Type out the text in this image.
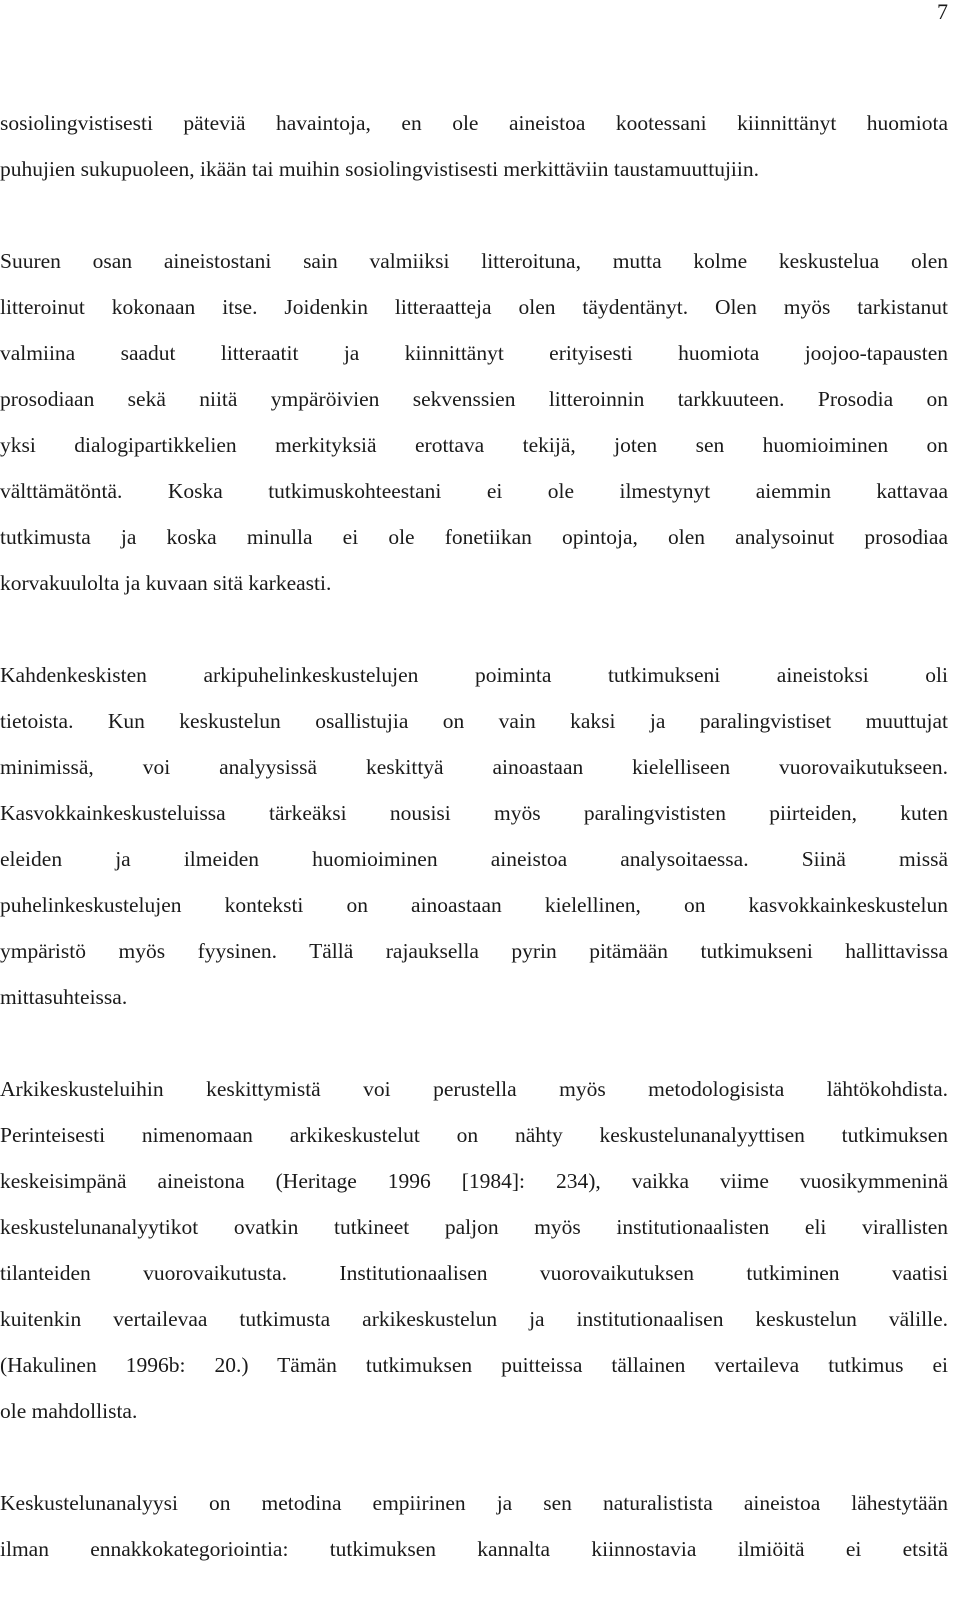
7

sosiolingvistisesti päteviä havaintoja, en ole aineistoa kootessani kiinnittänyt huomiota
puhujien sukupuoleen, ikään tai muihin sosiolingvistisesti merkittäviin taustamuuttujiin.

Suuren osan aineistostani sain valmiiksi litteroituna, mutta kolme keskustelua olen
litteroinut kokonaan itse. Joidenkin litteraatteja olen täydentänyt. Olen myös tarkistanut
valmiina saadut litteraatit ja kiinnittänyt erityisesti huomiota joojoo-tapausten
prosodiaan sekä niitä ympäröivien sekvenssien litteroinnin tarkkuuteen. Prosodia on
yksi dialogipartikkelien merkityksiä erottava tekijä, joten sen huomioiminen on
välttämätöntä. Koska tutkimuskohteestani ei ole ilmestynyt aiemmin kattavaa
tutkimusta ja koska minulla ei ole fonetiikan opintoja, olen analysoinut prosodiaa
korvakuulolta ja kuvaan sitä karkeasti.

Kahdenkeskisten arkipuhelinkeskustelujen poiminta tutkimukseni aineistoksi oli
tietoista. Kun keskustelun osallistujia on vain kaksi ja paralingvistiset muuttujat
minimissä, voi analyysissä keskittyä ainoastaan kielelliseen vuorovaikutukseen.
Kasvokkainkeskusteluissa tärkeäksi nousisi myös paralingvististen piirteiden, kuten
eleiden ja ilmeiden huomioiminen aineistoa analysoitaessa. Siinä missä
puhelinkeskustelujen konteksti on ainoastaan kielellinen, on kasvokkainkeskustelun
ympäristö myös fyysinen. Tällä rajauksella pyrin pitämään tutkimukseni hallittavissa
mittasuhteissa.

Arkikeskusteluihin keskittymistä voi perustella myös metodologisista lähtökohdista.
Perinteisesti nimenomaan arkikeskustelut on nähty keskustelunanalyyttisen tutkimuksen
keskeisimpänä aineistona (Heritage 1996 [1984]: 234), vaikka viime vuosikymmeninä
keskustelunanalyytikot ovatkin tutkineet paljon myös institutionaalisten eli virallisten
tilanteiden vuorovaikutusta. Institutionaalisen vuorovaikutuksen tutkiminen vaatisi
kuitenkin vertailevaa tutkimusta arkikeskustelun ja institutionaalisen keskustelun välille.
(Hakulinen 1996b: 20.) Tämän tutkimuksen puitteissa tällainen vertaileva tutkimus ei
ole mahdollista.

Keskustelunanalyysi on metodina empiirinen ja sen naturalistista aineistoa lähestytään
ilman ennakkokategoriointia: tutkimuksen kannalta kiinnostavia ilmiöitä ei etsitä
